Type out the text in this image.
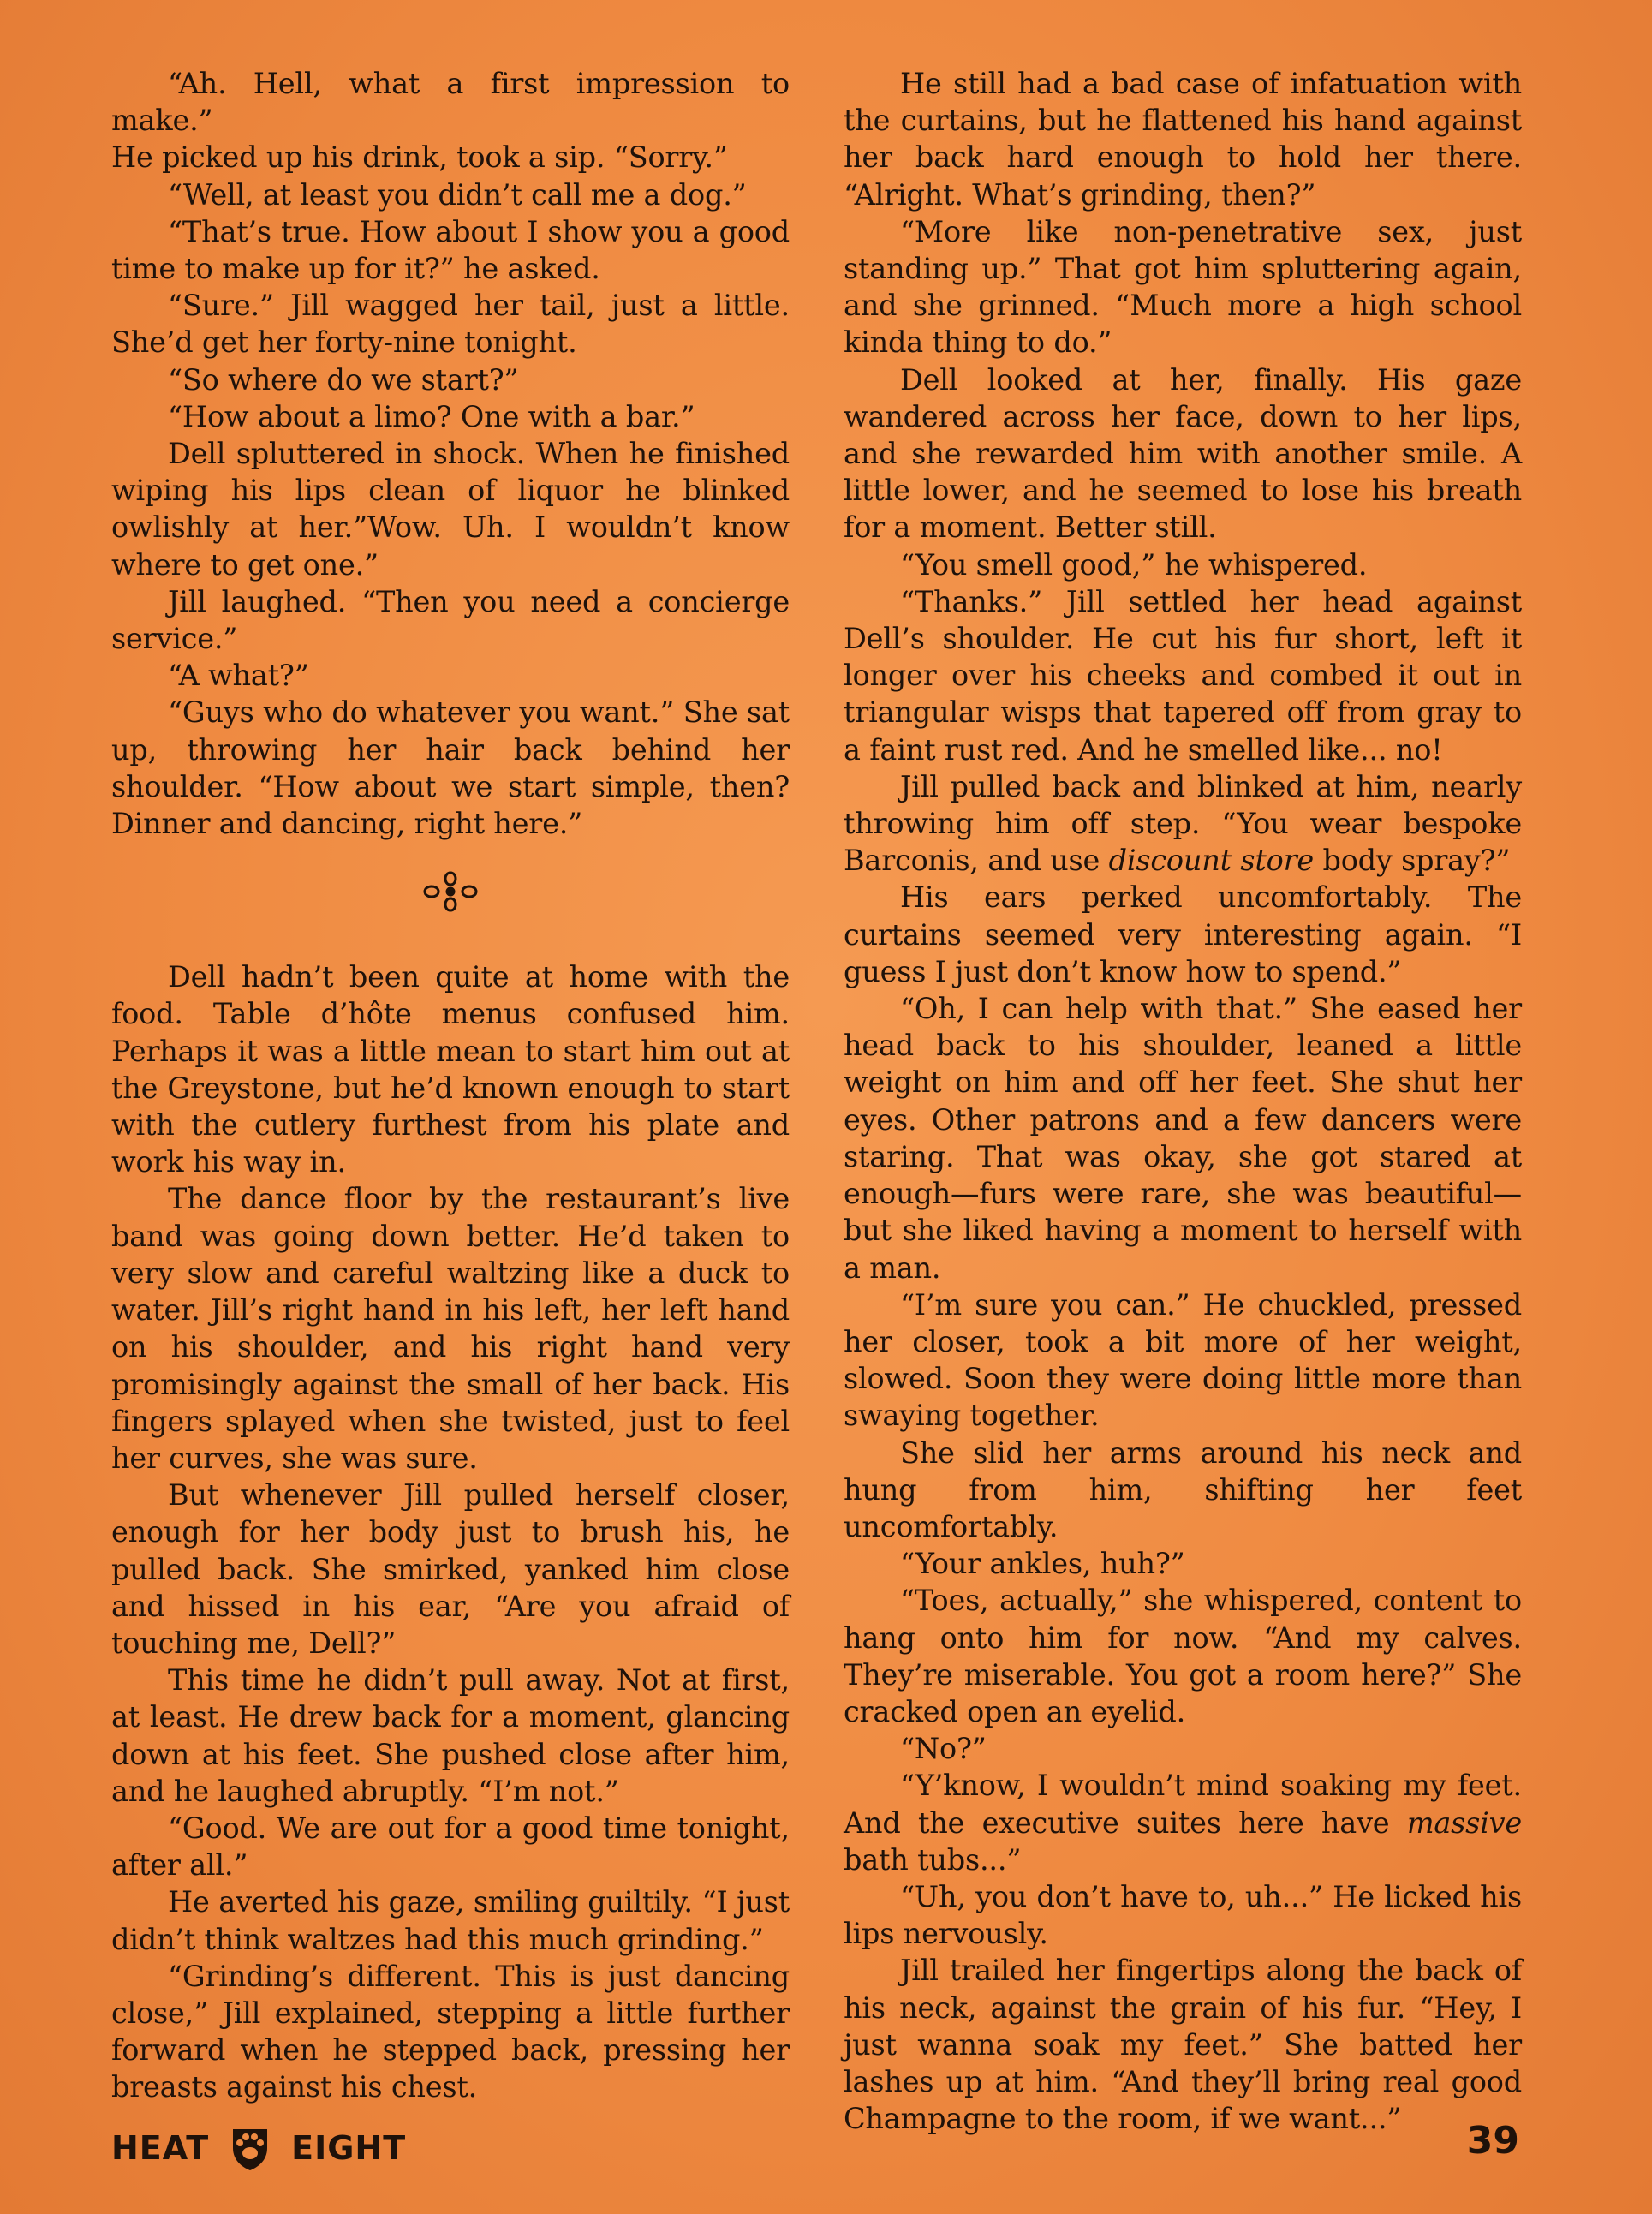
“Ah. Hell, what a first impression to make.”

He picked up his drink, took a sip. “Sorry.”

“Well, at least you didn’t call me a dog.”

“That’s true. How about I show you a good time to make up for it?” he asked.

“Sure.” Jill wagged her tail, just a little. She’d get her forty-nine tonight.

“So where do we start?”

“How about a limo? One with a bar.”

Dell spluttered in shock. When he finished wiping his lips clean of liquor he blinked owlishly at her.”Wow. Uh. I wouldn’t know where to get one.”

Jill laughed. “Then you need a concierge service.”

“A what?”

“Guys who do whatever you want.” She sat up, throwing her hair back behind her shoulder. “How about we start simple, then? Dinner and dancing, right here.”

Dell hadn’t been quite at home with the food. Table d’hôte menus confused him. Perhaps it was a little mean to start him out at the Greystone, but he’d known enough to start with the cutlery furthest from his plate and work his way in.

The dance floor by the restaurant’s live band was going down better. He’d taken to very slow and careful waltzing like a duck to water. Jill’s right hand in his left, her left hand on his shoulder, and his right hand very promisingly against the small of her back. His fingers splayed when she twisted, just to feel her curves, she was sure.

But whenever Jill pulled herself closer, enough for her body just to brush his, he pulled back. She smirked, yanked him close and hissed in his ear, “Are you afraid of touching me, Dell?”

This time he didn’t pull away. Not at first, at least. He drew back for a moment, glancing down at his feet. She pushed close after him, and he laughed abruptly. “I’m not.”

“Good. We are out for a good time tonight, after all.”

He averted his gaze, smiling guiltily. “I just didn’t think waltzes had this much grinding.”

“Grinding’s different. This is just dancing close,” Jill explained, stepping a little further forward when he stepped back, pressing her breasts against his chest.

He still had a bad case of infatuation with the curtains, but he flattened his hand against her back hard enough to hold her there. “Alright. What’s grinding, then?”

“More like non-penetrative sex, just standing up.” That got him spluttering again, and she grinned. “Much more a high school kinda thing to do.”

Dell looked at her, finally. His gaze wandered across her face, down to her lips, and she rewarded him with another smile. A little lower, and he seemed to lose his breath for a moment. Better still.

“You smell good,” he whispered.

“Thanks.” Jill settled her head against Dell’s shoulder. He cut his fur short, left it longer over his cheeks and combed it out in triangular wisps that tapered off from gray to a faint rust red. And he smelled like... no!

Jill pulled back and blinked at him, nearly throwing him off step. “You wear bespoke Barconis, and use discount store body spray?”

His ears perked uncomfortably. The curtains seemed very interesting again. “I guess I just don’t know how to spend.”

“Oh, I can help with that.” She eased her head back to his shoulder, leaned a little weight on him and off her feet. She shut her eyes. Other patrons and a few dancers were staring. That was okay, she got stared at enough—furs were rare, she was beautiful—but she liked having a moment to herself with a man.

“I’m sure you can.” He chuckled, pressed her closer, took a bit more of her weight, slowed. Soon they were doing little more than swaying together.

She slid her arms around his neck and hung from him, shifting her feet uncomfortably.

“Your ankles, huh?”

“Toes, actually,” she whispered, content to hang onto him for now. “And my calves. They’re miserable. You got a room here?” She cracked open an eyelid.

“No?”

“Y’know, I wouldn’t mind soaking my feet. And the executive suites here have massive bath tubs...”

“Uh, you don’t have to, uh...” He licked his lips nervously.

Jill trailed her fingertips along the back of his neck, against the grain of his fur. “Hey, I just wanna soak my feet.” She batted her lashes up at him. “And they’ll bring real good Champagne to the room, if we want...”

HEAT	EIGHT	39
